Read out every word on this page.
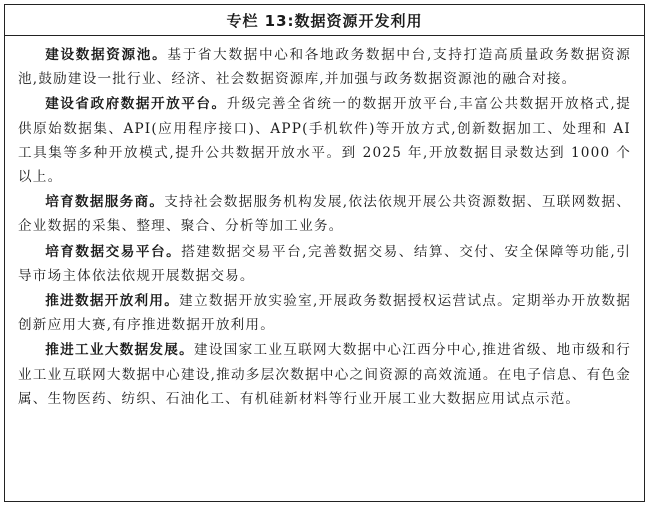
专栏 13:数据资源开发利用

建设数据资源池。基于省大数据中心和各地政务数据中台,支持打造高质量政务数据资源池,鼓励建设一批行业、经济、社会数据资源库,并加强与政务数据资源池的融合对接。

建设省政府数据开放平台。升级完善全省统一的数据开放平台,丰富公共数据开放格式,提供原始数据集、API(应用程序接口)、APP(手机软件)等开放方式,创新数据加工、处理和 AI 工具集等多种开放模式,提升公共数据开放水平。到 2025 年,开放数据目录数达到 1000 个以上。

培育数据服务商。支持社会数据服务机构发展,依法依规开展公共资源数据、互联网数据、企业数据的采集、整理、聚合、分析等加工业务。

培育数据交易平台。搭建数据交易平台,完善数据交易、结算、交付、安全保障等功能,引导市场主体依法依规开展数据交易。

推进数据开放利用。建立数据开放实验室,开展政务数据授权运营试点。定期举办开放数据创新应用大赛,有序推进数据开放利用。

推进工业大数据发展。建设国家工业互联网大数据中心江西分中心,推进省级、地市级和行业工业互联网大数据中心建设,推动多层次数据中心之间资源的高效流通。在电子信息、有色金属、生物医药、纺织、石油化工、有机硅新材料等行业开展工业大数据应用试点示范。
